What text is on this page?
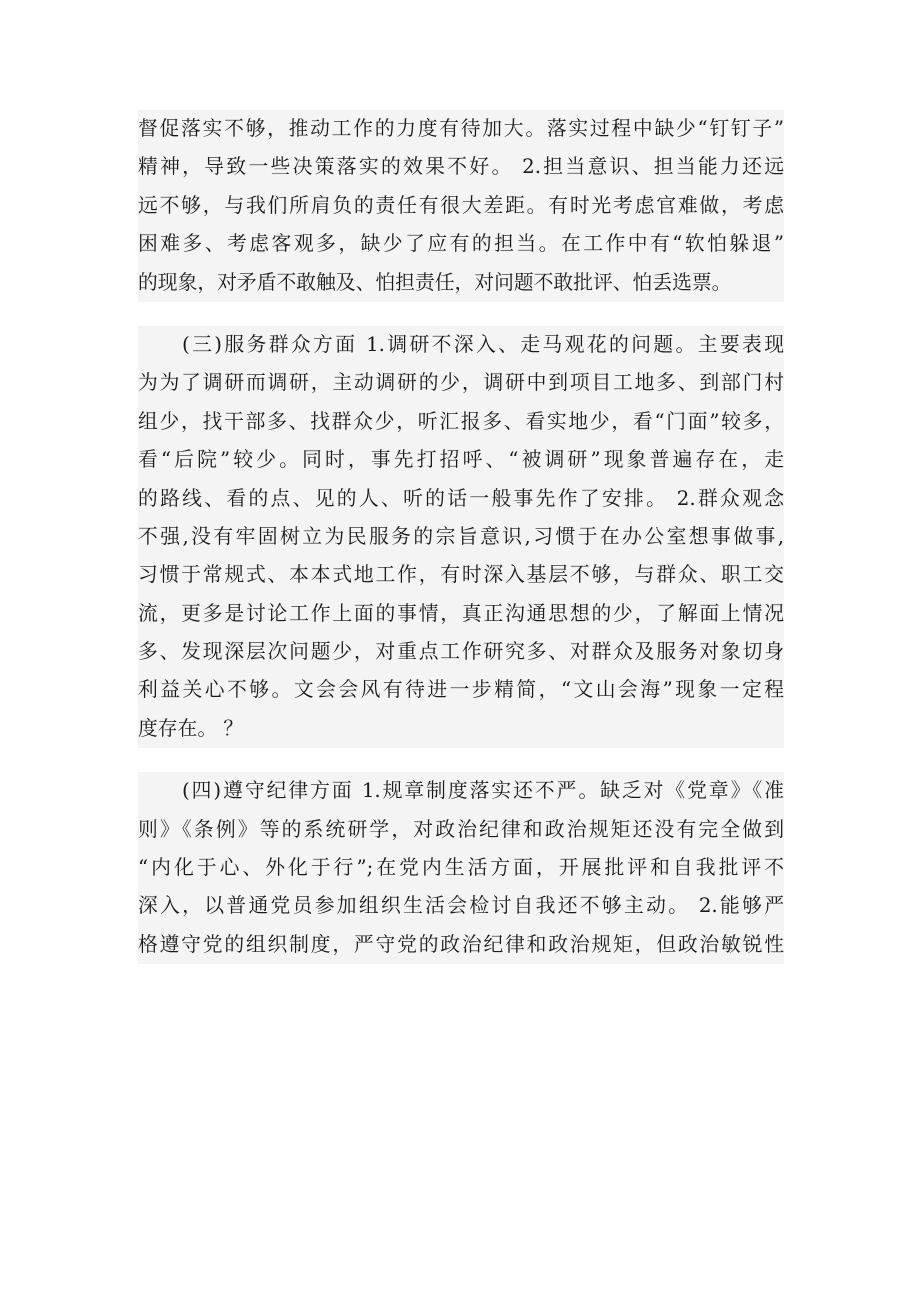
督促落实不够，推动工作的力度有待加大。落实过程中缺少“钉钉子”
精神，导致一些决策落实的效果不好。 2.担当意识、担当能力还远
远不够，与我们所肩负的责任有很大差距。有时光考虑官难做，考虑
困难多、考虑客观多，缺少了应有的担当。在工作中有“软怕躲退”
的现象，对矛盾不敢触及、怕担责任，对问题不敢批评、怕丢选票。
(三)服务群众方面 1.调研不深入、走马观花的问题。主要表现
为为了调研而调研，主动调研的少，调研中到项目工地多、到部门村
组少，找干部多、找群众少，听汇报多、看实地少，看“门面”较多，
看“后院”较少。同时，事先打招呼、“被调研”现象普遍存在，走
的路线、看的点、见的人、听的话一般事先作了安排。 2.群众观念
不强,没有牢固树立为民服务的宗旨意识,习惯于在办公室想事做事,
习惯于常规式、本本式地工作，有时深入基层不够，与群众、职工交
流，更多是讨论工作上面的事情，真正沟通思想的少，了解面上情况
多、发现深层次问题少，对重点工作研究多、对群众及服务对象切身
利益关心不够。文会会风有待进一步精简，“文山会海”现象一定程
度存在。 ？
(四)遵守纪律方面 1.规章制度落实还不严。缺乏对《党章》《准
则》《条例》等的系统研学，对政治纪律和政治规矩还没有完全做到
“内化于心、外化于行”;在党内生活方面，开展批评和自我批评不
深入，以普通党员参加组织生活会检讨自我还不够主动。 2.能够严
格遵守党的组织制度，严守党的政治纪律和政治规矩，但政治敏锐性
